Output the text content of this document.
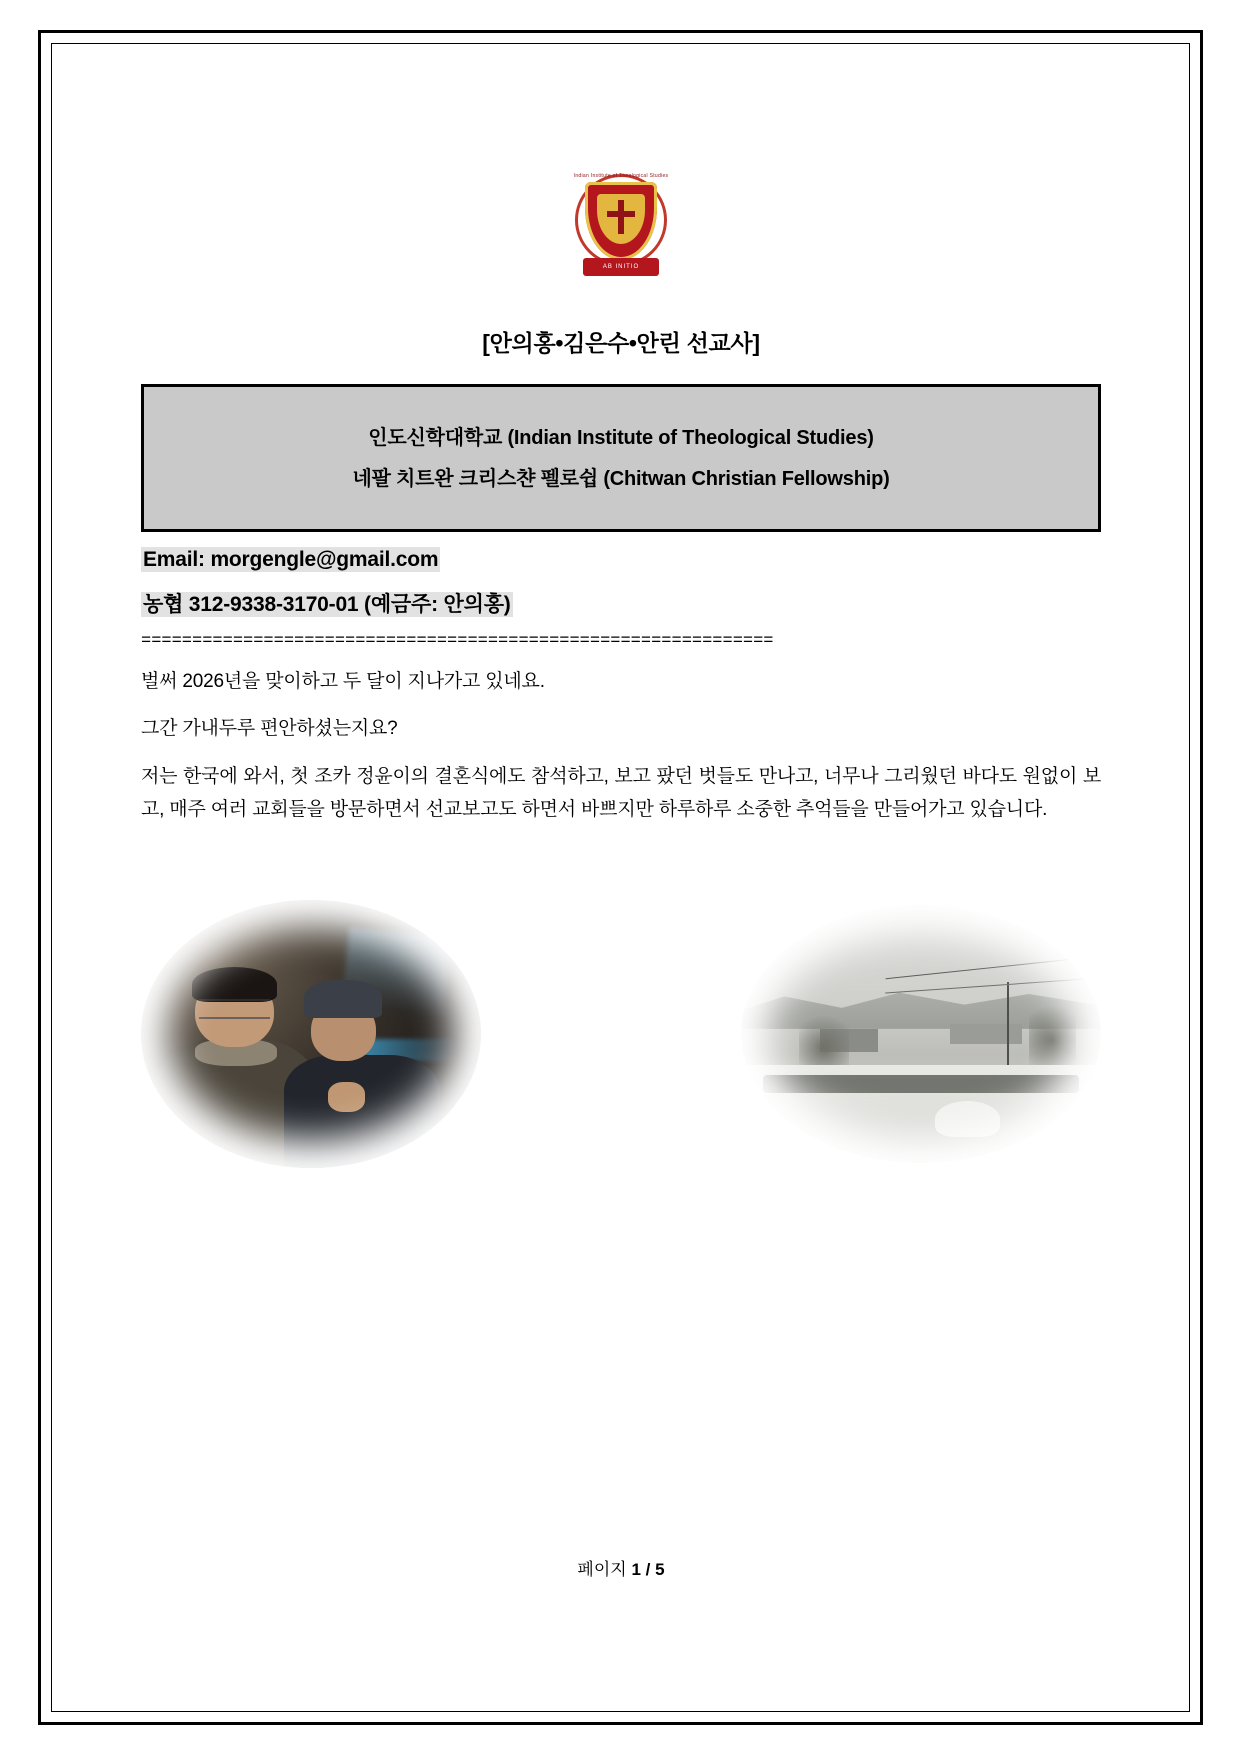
Indian Institute of Theological Studies
AB INITIO
[안의홍•김은수•안린 선교사]
인도신학대학교 (Indian Institute of Theological Studies)
네팔 치트완 크리스챤 펠로쉽 (Chitwan Christian Fellowship)
Email: morgengle@gmail.com
농협 312-9338-3170-01 (예금주: 안의홍)
==============================================================
벌써 2026년을 맞이하고 두 달이 지나가고 있네요.
그간 가내두루 편안하셨는지요?
저는 한국에 와서, 첫 조카 정윤이의 결혼식에도 참석하고, 보고 팠던 벗들도 만나고, 너무나 그리웠던 바다도 원없이 보고, 매주 여러 교회들을 방문하면서 선교보고도 하면서 바쁘지만 하루하루 소중한 추억들을 만들어가고 있습니다.
페이지 1 / 5
